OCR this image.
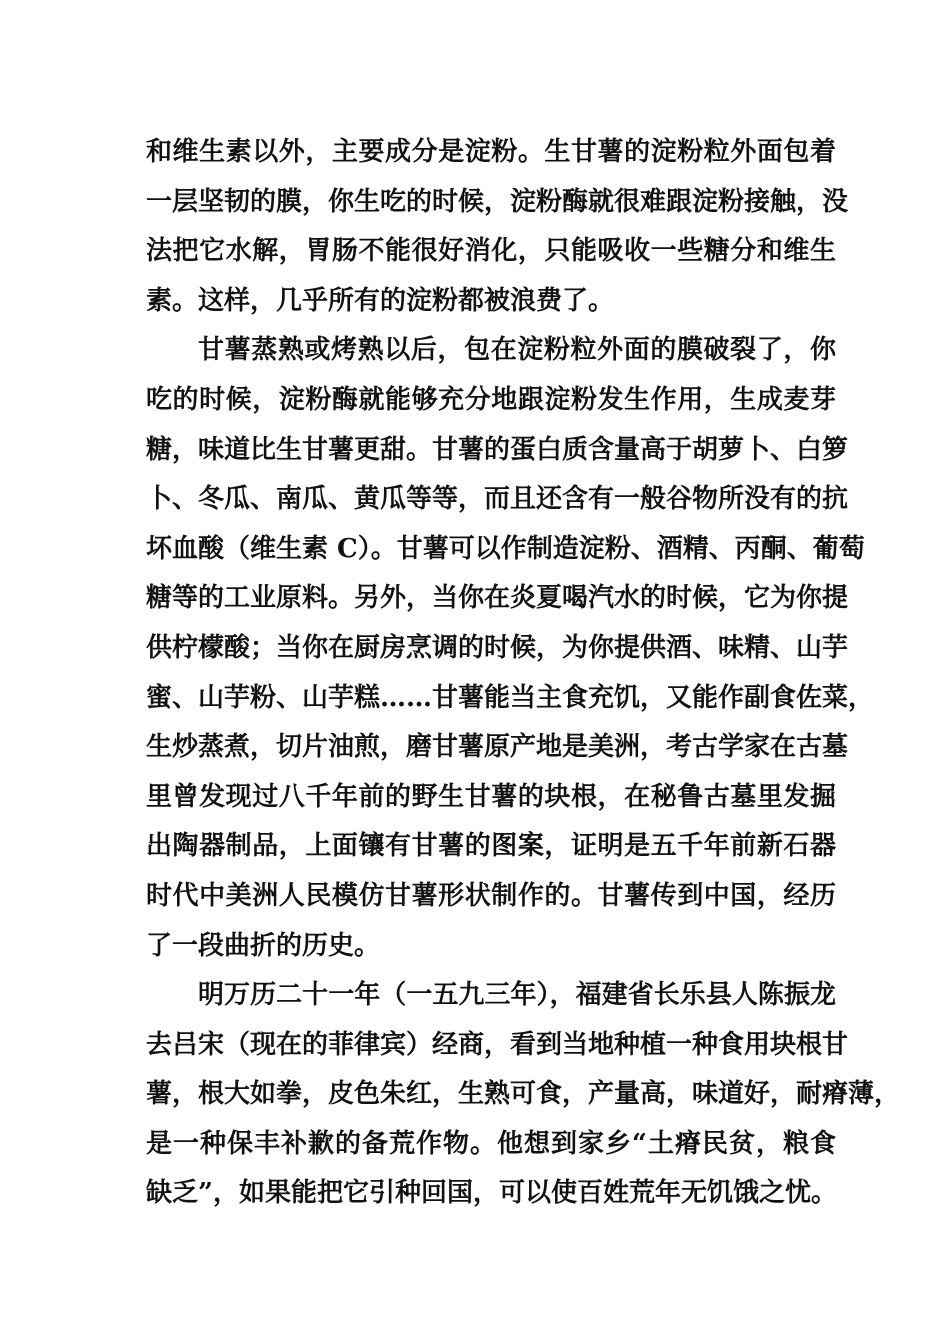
和维生素以外，主要成分是淀粉。生甘薯的淀粉粒外面包着
一层坚韧的膜，你生吃的时候，淀粉酶就很难跟淀粉接触，没
法把它水解，胃肠不能很好消化，只能吸收一些糖分和维生
素。这样，几乎所有的淀粉都被浪费了。
甘薯蒸熟或烤熟以后，包在淀粉粒外面的膜破裂了，你
吃的时候，淀粉酶就能够充分地跟淀粉发生作用，生成麦芽
糖，味道比生甘薯更甜。甘薯的蛋白质含量高于胡萝卜、白箩
卜、冬瓜、南瓜、黄瓜等等，而且还含有一般谷物所没有的抗
坏血酸（维生素 C）。甘薯可以作制造淀粉、酒精、丙酮、葡萄
糖等的工业原料。另外，当你在炎夏喝汽水的时候，它为你提
供柠檬酸；当你在厨房烹调的时候，为你提供酒、味精、山芋
蜜、山芋粉、山芋糕……甘薯能当主食充饥，又能作副食佐菜，
生炒蒸煮，切片油煎，磨甘薯原产地是美洲，考古学家在古墓
里曾发现过八千年前的野生甘薯的块根，在秘鲁古墓里发掘
出陶器制品，上面镶有甘薯的图案，证明是五千年前新石器
时代中美洲人民模仿甘薯形状制作的。甘薯传到中国，经历
了一段曲折的历史。
明万历二十一年（一五九三年），福建省长乐县人陈振龙
去吕宋（现在的菲律宾）经商，看到当地种植一种食用块根甘
薯，根大如拳，皮色朱红，生熟可食，产量高，味道好，耐瘠薄，
是一种保丰补歉的备荒作物。他想到家乡“土瘠民贫，粮食
缺乏”，如果能把它引种回国，可以使百姓荒年无饥饿之忧。
